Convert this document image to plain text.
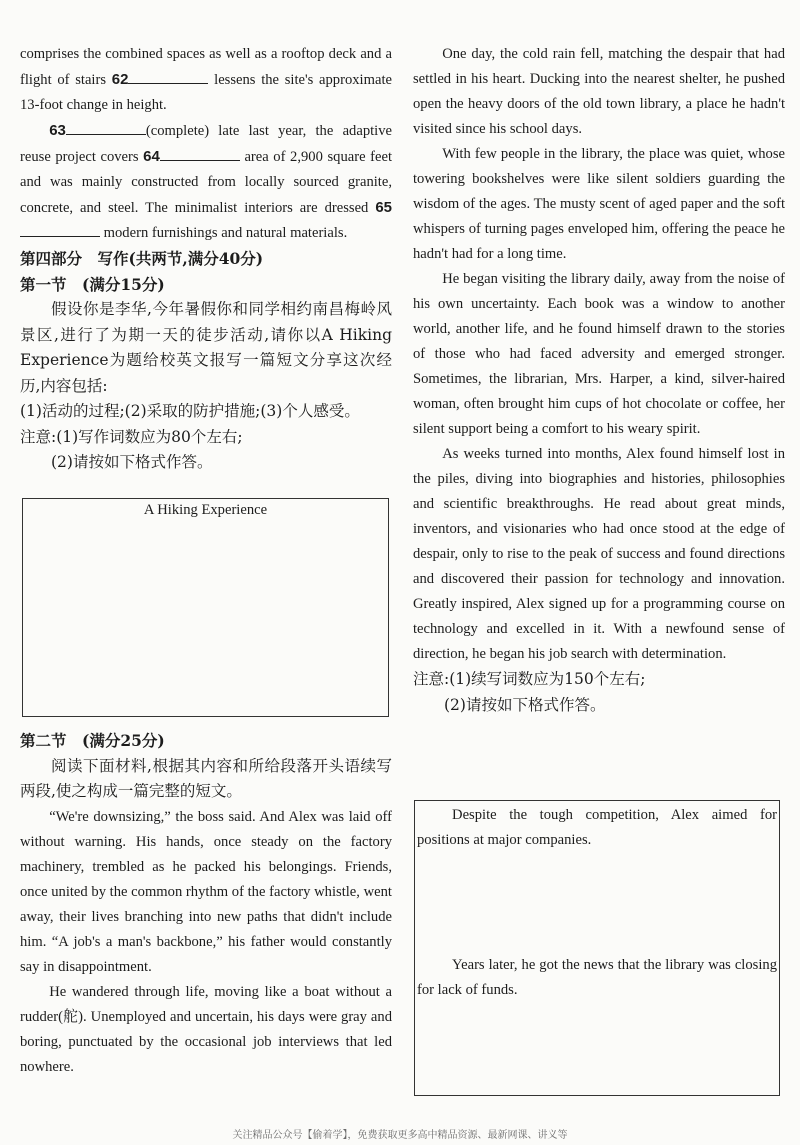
comprises the combined spaces as well as a rooftop deck and a flight of stairs 62	lessens the site's approximate 13-foot change in height.

63	(complete) late last year, the adaptive reuse project covers 64	area of 2,900 square feet and was mainly constructed from locally sourced granite, concrete, and steel. The minimalist interiors are dressed 65 modern furnishings and natural materials.

第四部分　写作(共两节,满分40分)

第一节　(满分15分)

假设你是李华,今年暑假你和同学相约南昌梅岭风景区,进行了为期一天的徒步活动,请你以A Hiking Experience为题给校英文报写一篇短文分享这次经历,内容包括:

(1)活动的过程;(2)采取的防护措施;(3)个人感受。

注意:(1)写作词数应为80个左右;

(2)请按如下格式作答。

A Hiking Experience

第二节　(满分25分)

阅读下面材料,根据其内容和所给段落开头语续写两段,使之构成一篇完整的短文。

“We're downsizing,” the boss said. And Alex was laid off without warning. His hands, once steady on the factory machinery, trembled as he packed his belongings. Friends, once united by the common rhythm of the factory whistle, went away, their lives branching into new paths that didn't include him. “A job's a man's backbone,” his father would constantly say in disappointment.

He wandered through life, moving like a boat without a rudder(舵). Unemployed and uncertain, his days were gray and boring, punctuated by the occasional job interviews that led nowhere.

One day, the cold rain fell, matching the despair that had settled in his heart. Ducking into the nearest shelter, he pushed open the heavy doors of the old town library, a place he hadn't visited since his school days.

With few people in the library, the place was quiet, whose towering bookshelves were like silent soldiers guarding the wisdom of the ages. The musty scent of aged paper and the soft whispers of turning pages enveloped him, offering the peace he hadn't had for a long time.

He began visiting the library daily, away from the noise of his own uncertainty. Each book was a window to another world, another life, and he found himself drawn to the stories of those who had faced adversity and emerged stronger. Sometimes, the librarian, Mrs. Harper, a kind, silver-haired woman, often brought him cups of hot chocolate or coffee, her silent support being a comfort to his weary spirit.

As weeks turned into months, Alex found himself lost in the piles, diving into biographies and histories, philosophies and scientific breakthroughs. He read about great minds, inventors, and visionaries who had once stood at the edge of despair, only to rise to the peak of success and found directions and discovered their passion for technology and innovation. Greatly inspired, Alex signed up for a programming course on technology and excelled in it. With a newfound sense of direction, he began his job search with determination.

注意:(1)续写词数应为150个左右;

(2)请按如下格式作答。

Despite the tough competition, Alex aimed for positions at major companies.

Years later, he got the news that the library was closing for lack of funds.

关注精品公众号【偷着学】，免费获取更多高中精品资源、最新网课、讲义等
